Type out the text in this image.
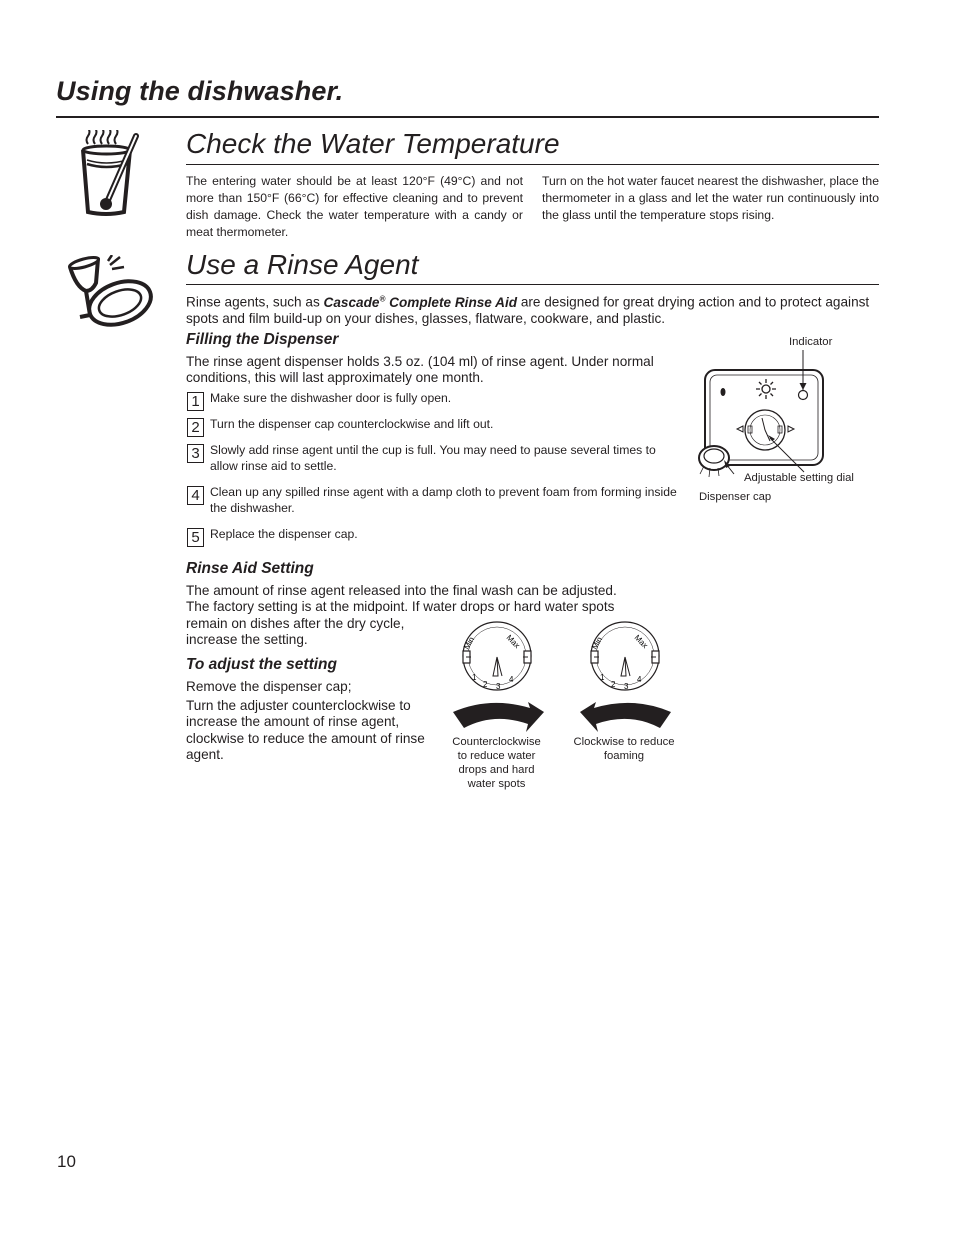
Using the dishwasher.
Check the Water Temperature
The entering water should be at least 120°F (49°C) and not more than 150°F (66°C) for effective cleaning and to prevent dish damage. Check the water temperature with a candy or meat thermometer.
Turn on the hot water faucet nearest the dishwasher, place the thermometer in a glass and let the water run continuously into the glass until the temperature stops rising.
Use a Rinse Agent
Rinse agents, such as Cascade® Complete Rinse Aid are designed for great drying action and to protect against spots and film build-up on your dishes, glasses, flatware, cookware, and plastic.
Filling the Dispenser
The rinse agent dispenser holds 3.5 oz. (104 ml) of rinse agent. Under normal conditions, this will last approximately one month.
1 Make sure the dishwasher door is fully open.
2 Turn the dispenser cap counterclockwise and lift out.
3 Slowly add rinse agent until the cup is full. You may need to pause several times to allow rinse aid to settle.
4 Clean up any spilled rinse agent with a damp cloth to prevent foam from forming inside the dishwasher.
5 Replace the dispenser cap.
Indicator
Adjustable setting dial
Dispenser cap
Rinse Aid Setting
The amount of rinse agent released into the final wash can be adjusted.
The factory setting is at the midpoint. If water drops or hard water spots
remain on dishes after the dry cycle,
increase the setting.
To adjust the setting
Remove the dispenser cap;
Turn the adjuster counterclockwise to increase the amount of rinse agent, clockwise to reduce the amount of rinse agent.
Min	Max
1
2 3
4
Counterclockwise to reduce water drops and hard water spots
Min	Max
1
2 3
4
Clockwise to reduce foaming
10
